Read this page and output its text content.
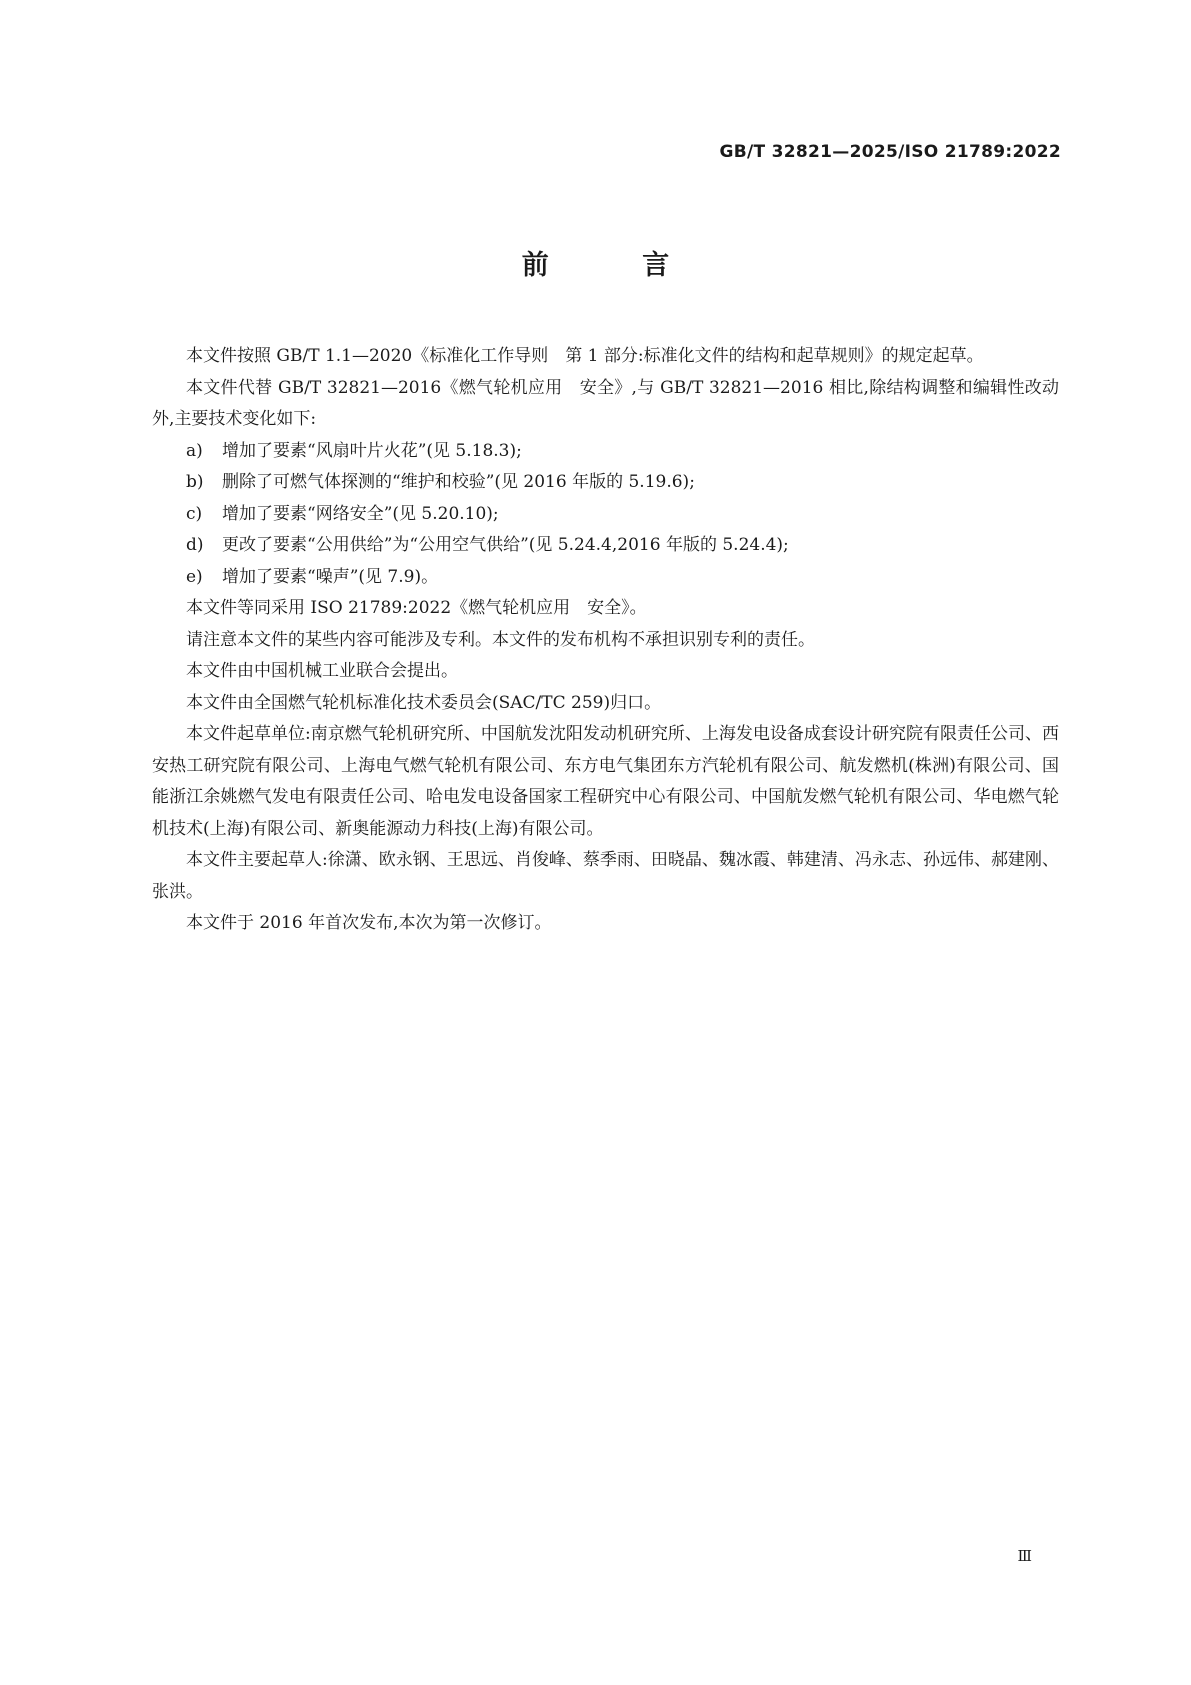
GB/T 32821—2025/ISO 21789:2022
前 言

本文件按照 GB/T 1.1—2020《标准化工作导则　第 1 部分:标准化文件的结构和起草规则》的规定起草。

本文件代替 GB/T 32821—2016《燃气轮机应用　安全》,与 GB/T 32821—2016 相比,除结构调整和编辑性改动外,主要技术变化如下:

a) 增加了要素“风扇叶片火花”(见 5.18.3);
b) 删除了可燃气体探测的“维护和校验”(见 2016 年版的 5.19.6);
c) 增加了要素“网络安全”(见 5.20.10);
d) 更改了要素“公用供给”为“公用空气供给”(见 5.24.4,2016 年版的 5.24.4);
e) 增加了要素“噪声”(见 7.9)。

本文件等同采用 ISO 21789:2022《燃气轮机应用　安全》。

请注意本文件的某些内容可能涉及专利。本文件的发布机构不承担识别专利的责任。

本文件由中国机械工业联合会提出。

本文件由全国燃气轮机标准化技术委员会(SAC/TC 259)归口。

本文件起草单位:南京燃气轮机研究所、中国航发沈阳发动机研究所、上海发电设备成套设计研究院有限责任公司、西安热工研究院有限公司、上海电气燃气轮机有限公司、东方电气集团东方汽轮机有限公司、航发燃机(株洲)有限公司、国能浙江余姚燃气发电有限责任公司、哈电发电设备国家工程研究中心有限公司、中国航发燃气轮机有限公司、华电燃气轮机技术(上海)有限公司、新奥能源动力科技(上海)有限公司。

本文件主要起草人:徐潇、欧永钢、王思远、肖俊峰、蔡季雨、田晓晶、魏冰霞、韩建清、冯永志、孙远伟、郝建刚、张洪。

本文件于 2016 年首次发布,本次为第一次修订。

Ⅲ
